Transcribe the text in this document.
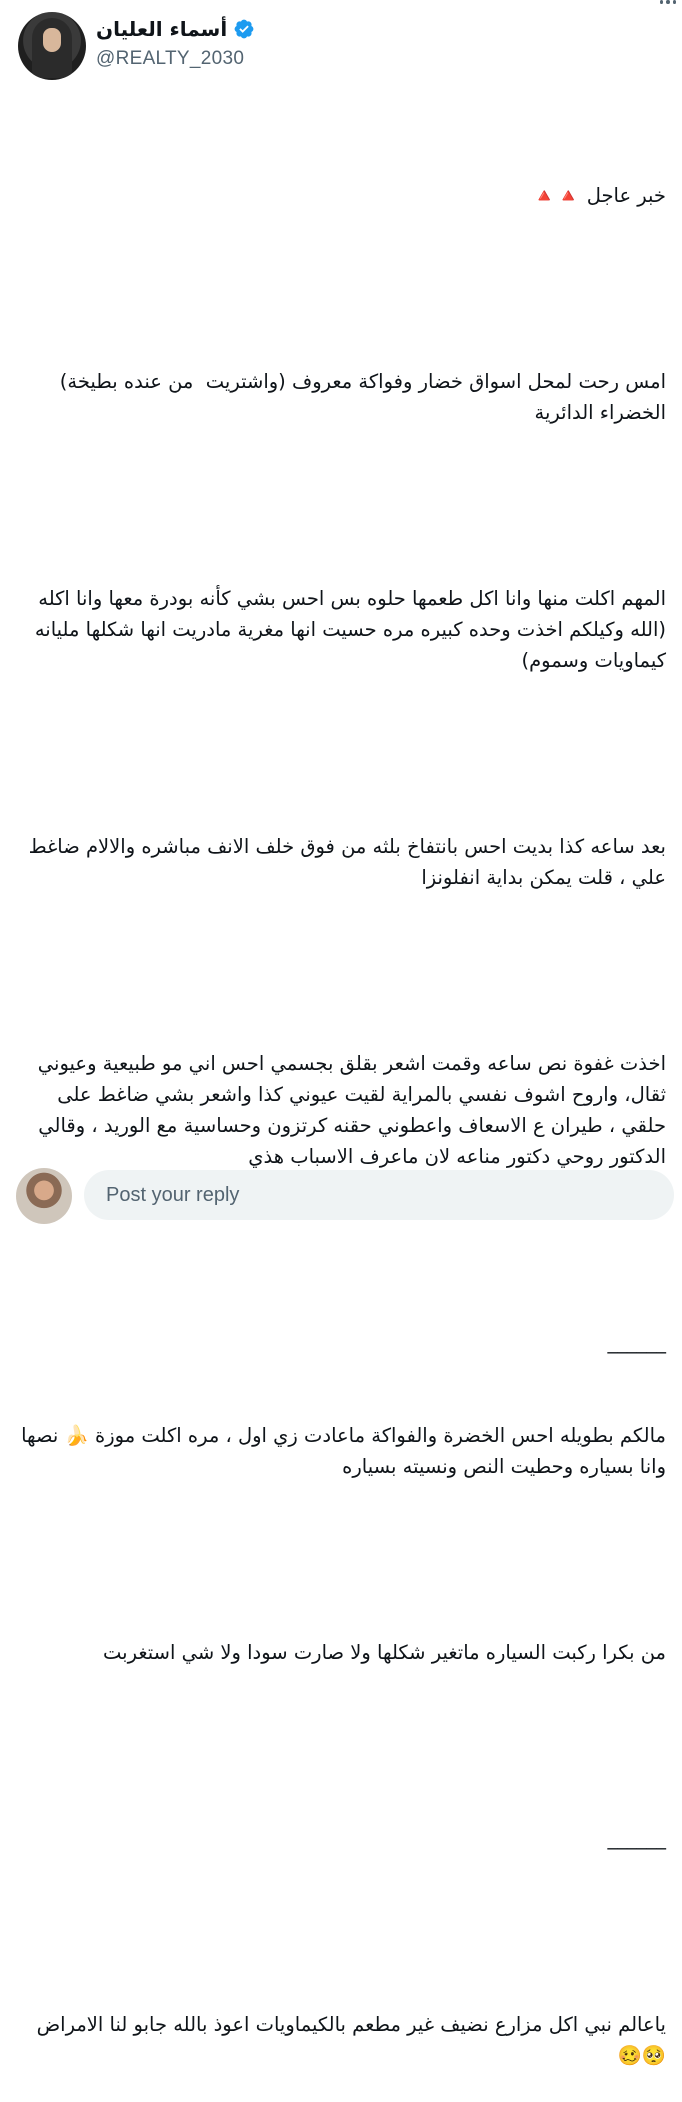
أسماء العليان
@REALTY_2030

خبر عاجل 🔺🔺

امس رحت لمحل اسواق خضار وفواكة معروف (واشتريت  من عنده بطيخة) الخضراء الدائرية

المهم اكلت منها وانا اكل طعمها حلوه بس احس بشي كأنه بودرة معها وانا اكله (الله وكيلكم اخذت وحده كبيره مره حسيت انها مغرية مادريت انها شكلها مليانه كيماويات وسموم)

بعد ساعه كذا بديت احس بانتفاخ بلثه من فوق خلف الانف مباشره والالام ضاغط علي ، قلت يمكن بداية انفلونزا

اخذت غفوة نص ساعه وقمت اشعر بقلق بجسمي احس اني مو طبيعية وعيوني ثقال، واروح اشوف نفسي بالمراية لقيت عيوني كذا واشعر بشي ضاغط على حلقي ، طيران ع الاسعاف واعطوني حقنه كرتزون وحساسية مع الوريد ، وقالي الدكتور روحي دكتور مناعه لان ماعرف الاسباب هذي

______

مالكم بطويله احس الخضرة والفواكة ماعادت زي اول ، مره اكلت موزة 🍌 نصها وانا بسياره وحطيت النص ونسيته بسياره

من بكرا ركبت السياره ماتغير شكلها ولا صارت سودا ولا شي استغربت

______

ياعالم نبي اكل مزارع نضيف غير مطعم بالكيماويات اعوذ بالله جابو لنا الامراض 🥺🥴

Post your reply
